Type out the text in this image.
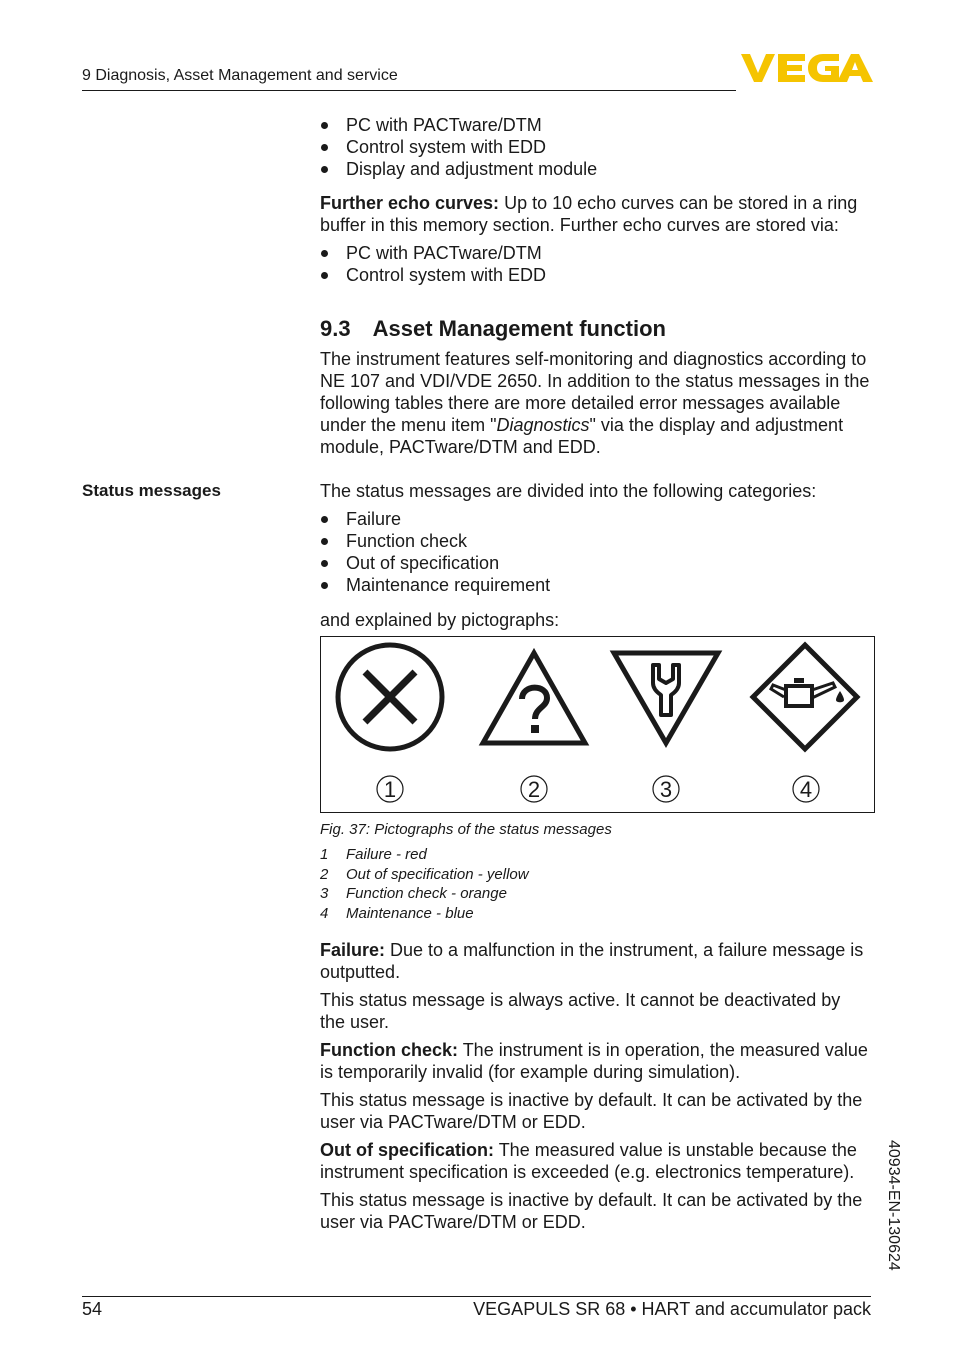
9 Diagnosis, Asset Management and service
PC with PACTware/DTM
Control system with EDD
Display and adjustment module

Further echo curves: Up to 10 echo curves can be stored in a ring buffer in this memory section. Further echo curves are stored via:

PC with PACTware/DTM
Control system with EDD
9.3 Asset Management function

The instrument features self-monitoring and diagnostics according to NE 107 and VDI/VDE 2650. In addition to the status messages in the following tables there are more detailed error messages available under the menu item "Diagnostics" via the display and adjustment module, PACTware/DTM and EDD.

Status messages	The status messages are divided into the following categories:

Failure
Function check
Out of specification
Maintenance requirement

and explained by pictographs:

1	2	3	4
Fig. 37: Pictographs of the status messages
1	Failure - red
2	Out of specification - yellow
3	Function check - orange
4	Maintenance - blue

Failure: Due to a malfunction in the instrument, a failure message is outputted.

This status message is always active. It cannot be deactivated by the user.

Function check: The instrument is in operation, the measured value is temporarily invalid (for example during simulation).

This status message is inactive by default. It can be activated by the user via PACTware/DTM or EDD.

Out of specification: The measured value is unstable because the instrument specification is exceeded (e.g. electronics temperature).

This status message is inactive by default. It can be activated by the user via PACTware/DTM or EDD.	40934-EN-130624
54	VEGAPULS SR 68 • HART and accumulator pack
